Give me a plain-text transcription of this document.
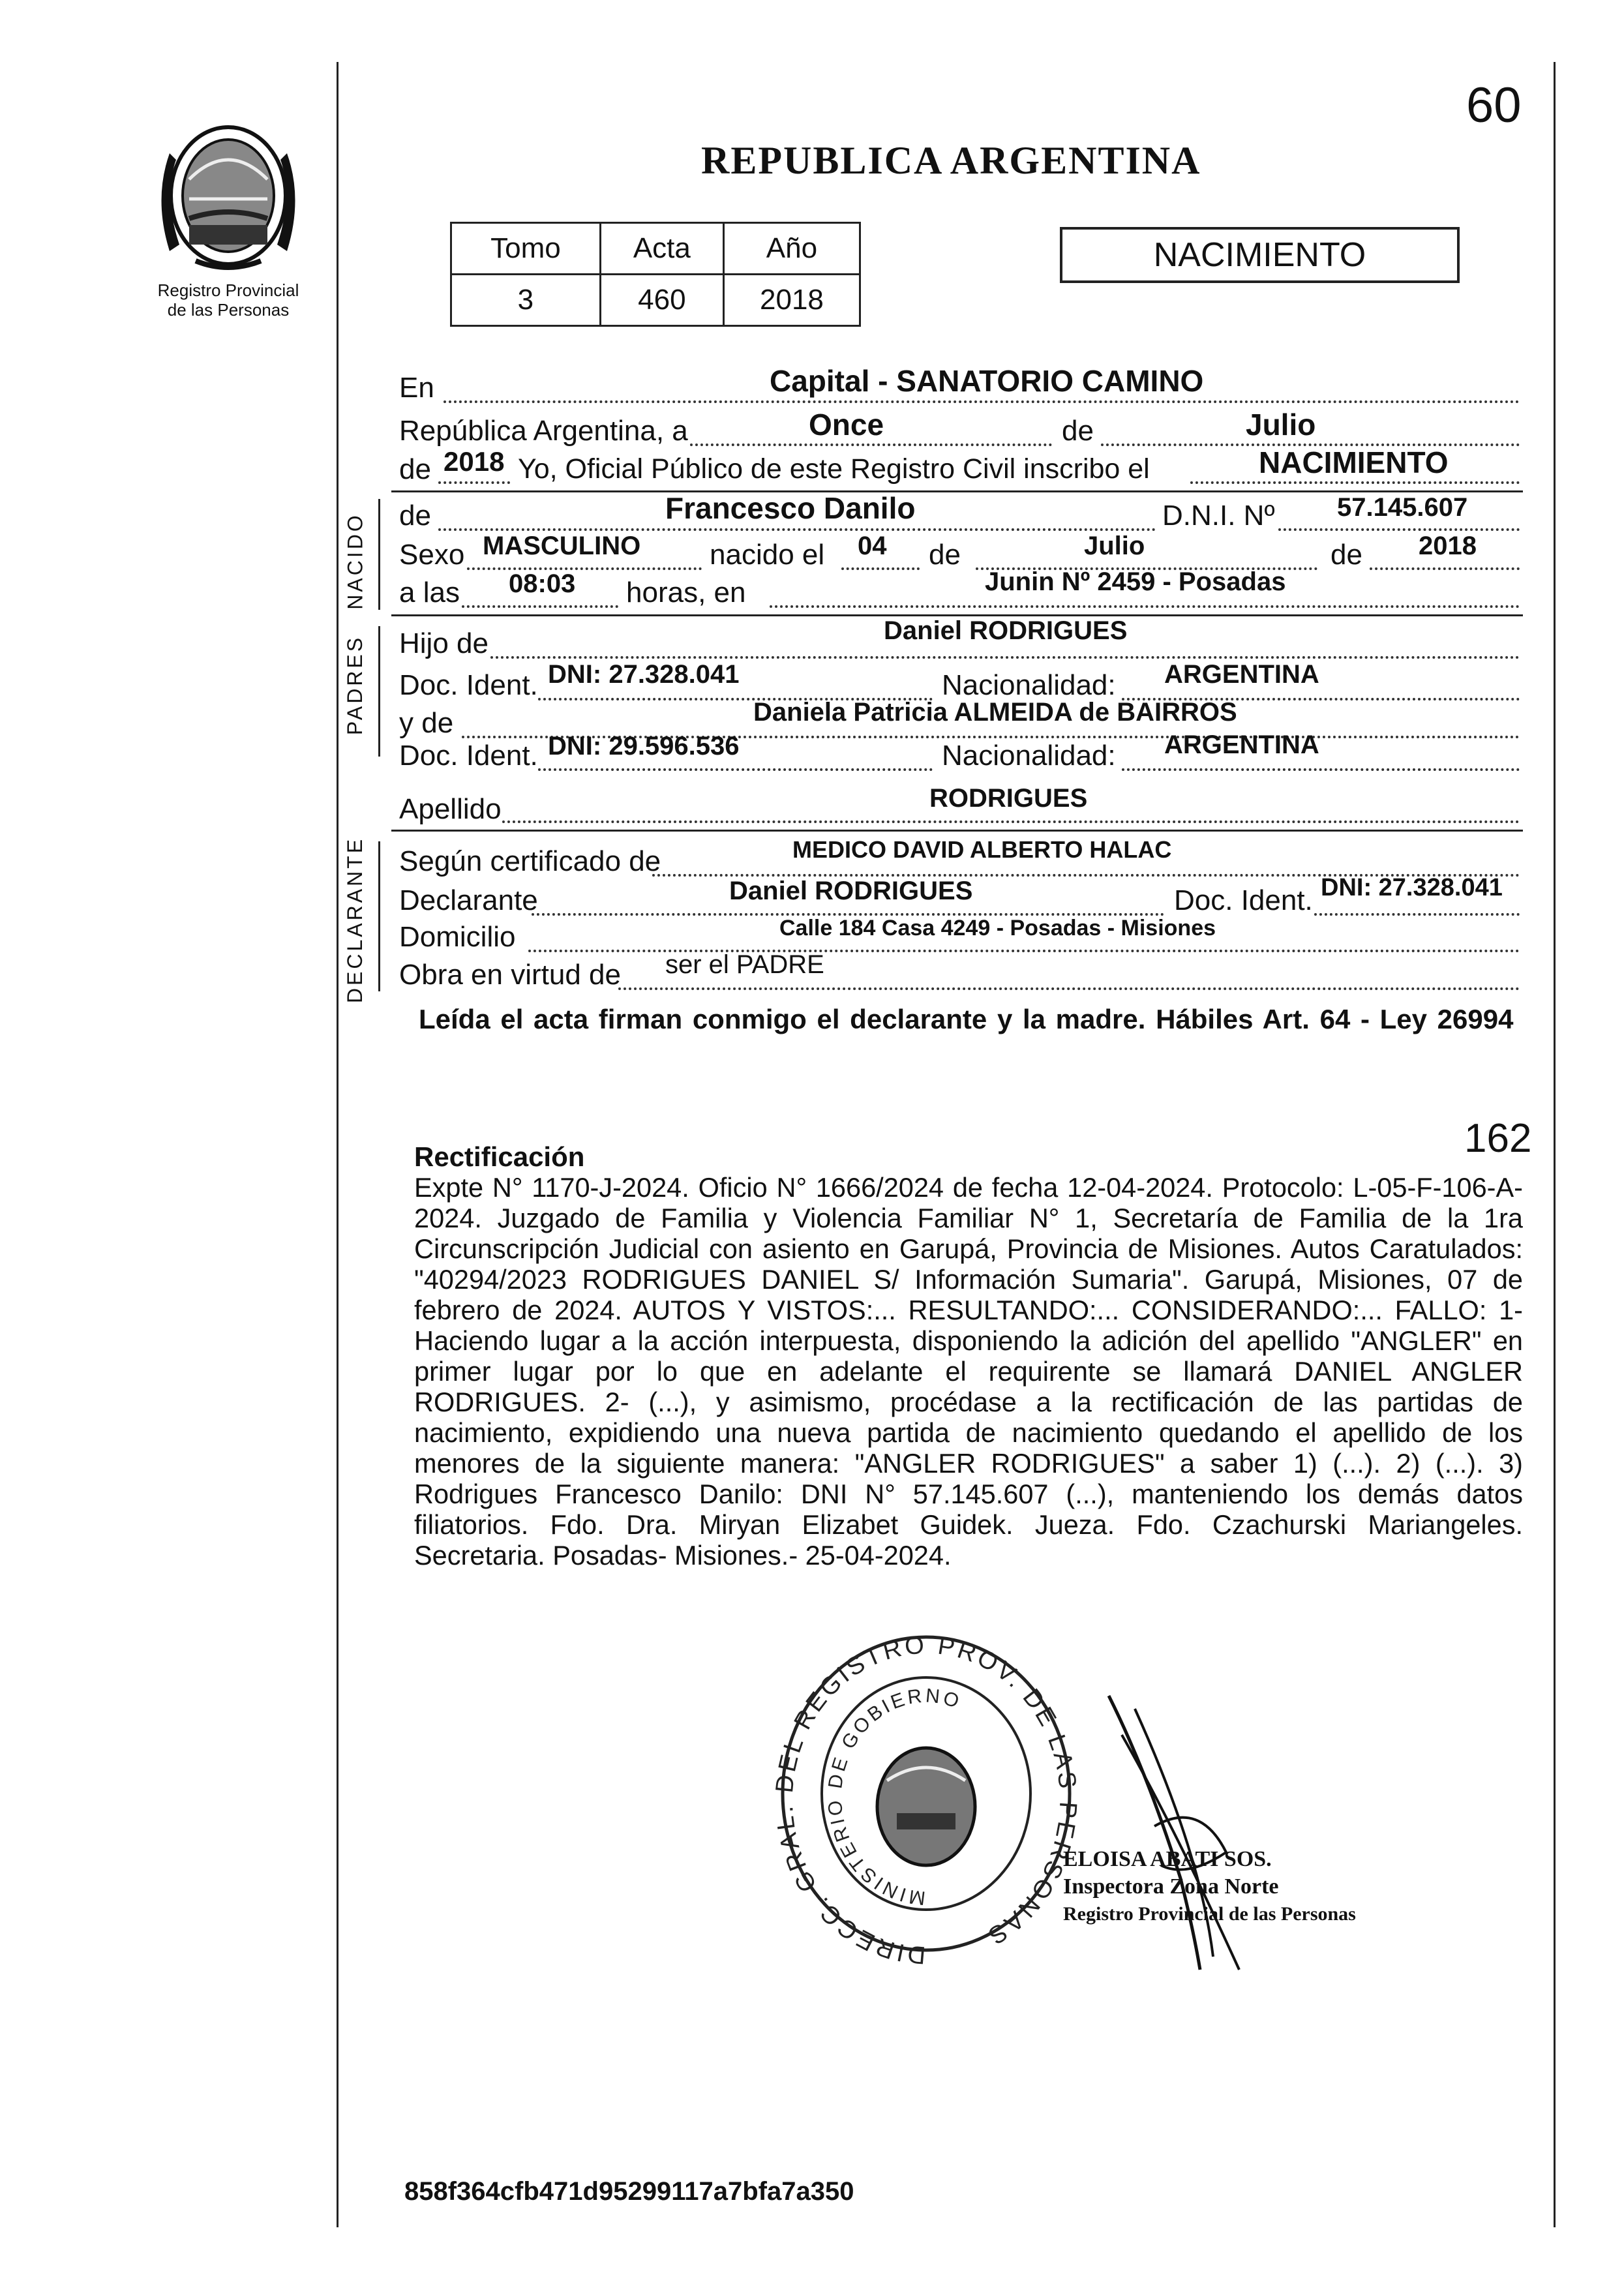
Registro Provincial
de las Personas
60
REPUBLICA ARGENTINA
Tomo	Acta	Año
3	460	2018
NACIMIENTO
NACIDO
PADRES
DECLARANTE
En	Capital - SANATORIO CAMINO
República Argentina, a	Once	de	Julio
de 2018 Yo, Oficial Público de este Registro Civil inscribo el	NACIMIENTO
de	Francesco Danilo	D.N.I. Nº 57.145.607
Sexo MASCULINO nacido el 04 de	Julio	de 2018
a las 08:03 horas, en	Junin Nº 2459 - Posadas
Hijo de	Daniel RODRIGUES
Doc. Ident. DNI: 27.328.041	Nacionalidad: ARGENTINA
y de	Daniela Patricia ALMEIDA de BAIRROS
Doc. Ident. DNI: 29.596.536	Nacionalidad: ARGENTINA
Apellido	RODRIGUES
Según certificado de	MEDICO DAVID ALBERTO HALAC
Declarante	Daniel RODRIGUES	Doc. Ident. DNI: 27.328.041
Domicilio	Calle 184 Casa 4249 - Posadas - Misiones
Obra en virtud de ser el PADRE
Leída el acta firman conmigo el declarante y la madre. Hábiles Art. 64 - Ley 26994
162
Rectificación
Expte N° 1170-J-2024. Oficio N° 1666/2024 de fecha 12-04-2024. Protocolo: L-05-F-106-A-2024. Juzgado de Familia y Violencia Familiar N° 1, Secretaría de Familia de la 1ra Circunscripción Judicial con asiento en Garupá, Provincia de Misiones. Autos Caratulados: "40294/2023 RODRIGUES DANIEL S/ Información Sumaria". Garupá, Misiones, 07 de febrero de 2024. AUTOS Y VISTOS:... RESULTANDO:... CONSIDERANDO:... FALLO: 1- Haciendo lugar a la acción interpuesta, disponiendo la adición del apellido "ANGLER" en primer lugar por lo que en adelante el requirente se llamará DANIEL ANGLER RODRIGUES. 2- (...), y asimismo, procédase a la rectificación de las partidas de nacimiento, expidiendo una nueva partida de nacimiento quedando el apellido de los menores de la siguiente manera: "ANGLER RODRIGUES" a saber 1) (...). 2) (...). 3) Rodrigues Francesco Danilo: DNI N° 57.145.607 (...), manteniendo los demás datos filiatorios. Fdo. Dra. Miryan Elizabet Guidek. Jueza. Fdo. Czachurski Mariangeles. Secretaria. Posadas- Misiones.- 25-04-2024.
DIRECC. GRAL. DEL REGISTRO PROV. DE LAS PERSONAS
MINISTERIO DE GOBIERNO
ELOISA ABATI SOS.
Inspectora Zona Norte
Registro Provincial de las Personas
858f364cfb471d95299117a7bfa7a350
